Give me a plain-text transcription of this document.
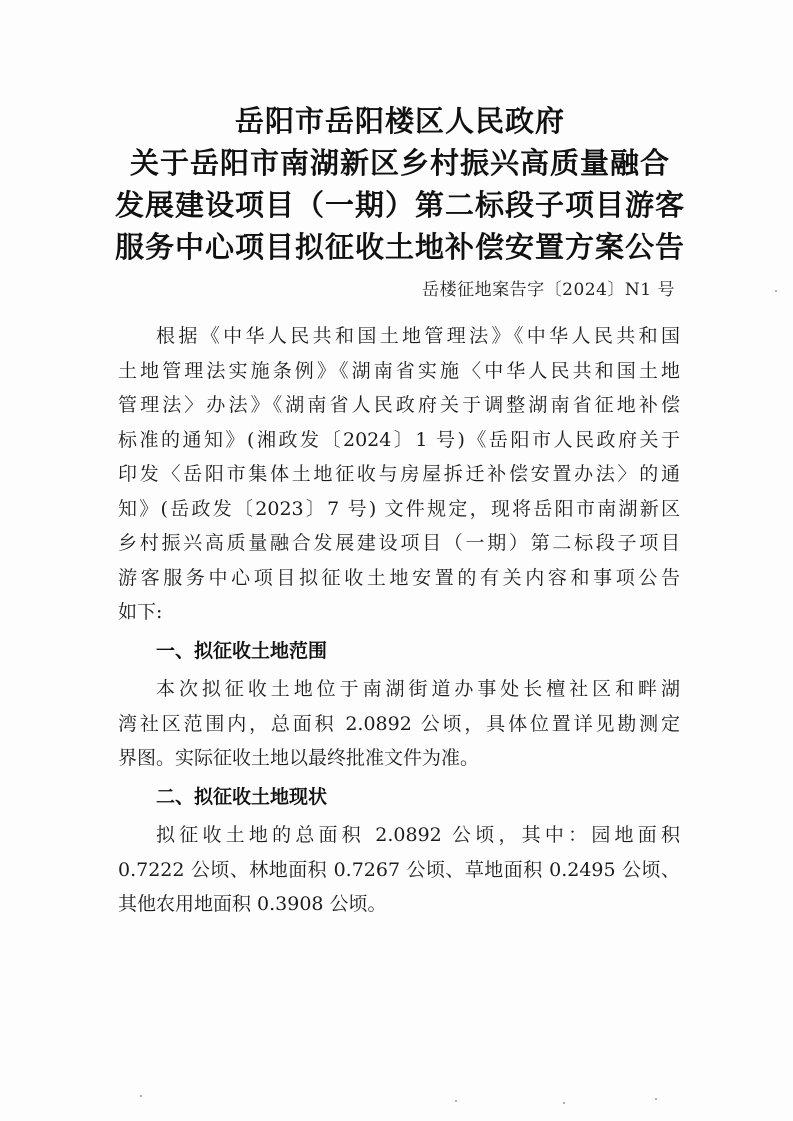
岳阳市岳阳楼区人民政府
关于岳阳市南湖新区乡村振兴高质量融合
发展建设项目（一期）第二标段子项目游客
服务中心项目拟征收土地补偿安置方案公告
岳楼征地案告字〔2024〕N1 号
根据《中华人民共和国土地管理法》《中华人民共和国
土地管理法实施条例》《湖南省实施〈中华人民共和国土地
管理法〉办法》《湖南省人民政府关于调整湖南省征地补偿
标准的通知》(湘政发〔2024〕1 号)《岳阳市人民政府关于
印发〈岳阳市集体土地征收与房屋拆迁补偿安置办法〉的通
知》(岳政发〔2023〕7 号) 文件规定，现将岳阳市南湖新区
乡村振兴高质量融合发展建设项目（一期）第二标段子项目
游客服务中心项目拟征收土地安置的有关内容和事项公告
如下:
一、拟征收土地范围
本次拟征收土地位于南湖街道办事处长檀社区和畔湖
湾社区范围内，总面积 2.0892 公顷，具体位置详见勘测定
界图。实际征收土地以最终批准文件为准。
二、拟征收土地现状
拟征收土地的总面积 2.0892 公顷，其中：园地面积
0.7222 公顷、林地面积 0.7267 公顷、草地面积 0.2495 公顷、
其他农用地面积 0.3908 公顷。
